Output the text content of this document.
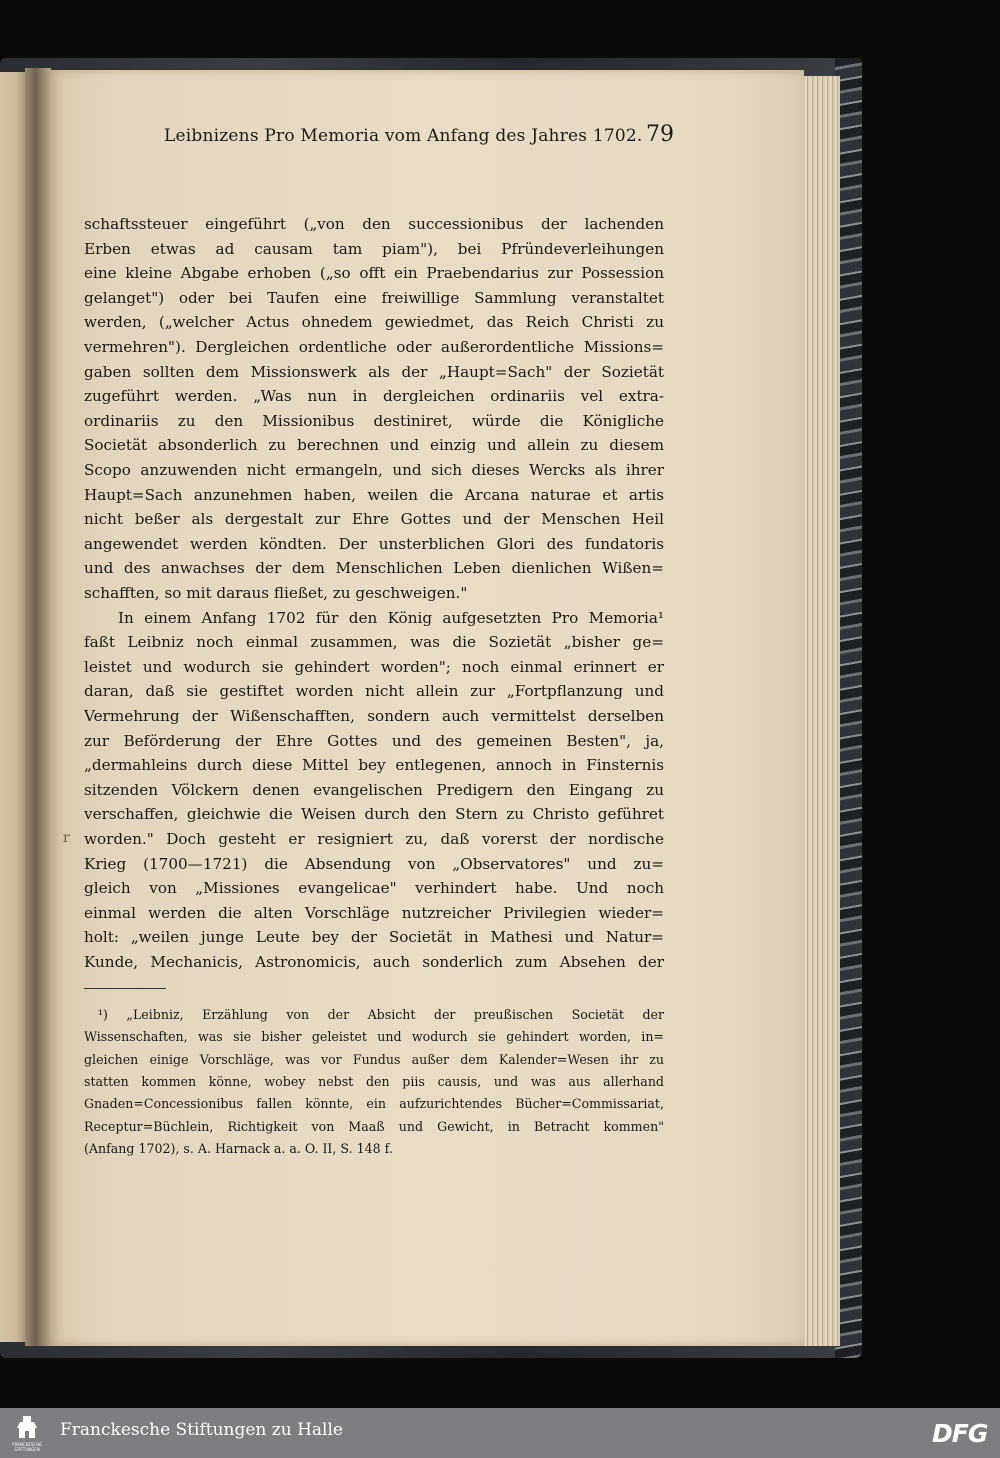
Leibnizens Pro Memoria vom Anfang des Jahres 1702. 79
schaftssteuer eingeführt („von den successionibus der lachenden
Erben etwas ad causam tam piam"), bei Pfründeverleihungen
eine kleine Abgabe erhoben („so offt ein Praebendarius zur Possession
gelanget") oder bei Taufen eine freiwillige Sammlung veranstaltet
werden, („welcher Actus ohnedem gewiedmet, das Reich Christi zu
vermehren"). Dergleichen ordentliche oder außerordentliche Missions=
gaben sollten dem Missionswerk als der „Haupt=Sach" der Sozietät
zugeführt werden. „Was nun in dergleichen ordinariis vel extra-
ordinariis zu den Missionibus destiniret, würde die Königliche
Societät absonderlich zu berechnen und einzig und allein zu diesem
Scopo anzuwenden nicht ermangeln, und sich dieses Wercks als ihrer
Haupt=Sach anzunehmen haben, weilen die Arcana naturae et artis
nicht beßer als dergestalt zur Ehre Gottes und der Menschen Heil
angewendet werden köndten. Der unsterblichen Glori des fundatoris
und des anwachses der dem Menschlichen Leben dienlichen Wißen=
schafften, so mit daraus fließet, zu geschweigen."
In einem Anfang 1702 für den König aufgesetzten Pro Memoria¹
faßt Leibniz noch einmal zusammen, was die Sozietät „bisher ge=
leistet und wodurch sie gehindert worden"; noch einmal erinnert er
daran, daß sie gestiftet worden nicht allein zur „Fortpflanzung und
Vermehrung der Wißenschafften, sondern auch vermittelst derselben
zur Beförderung der Ehre Gottes und des gemeinen Besten", ja,
„dermahleins durch diese Mittel bey entlegenen, annoch in Finsternis
sitzenden Völckern denen evangelischen Predigern den Eingang zu
verschaffen, gleichwie die Weisen durch den Stern zu Christo geführet
worden." Doch gesteht er resigniert zu, daß vorerst der nordische
Krieg (1700—1721) die Absendung von „Observatores" und zu=
gleich von „Missiones evangelicae" verhindert habe. Und noch
einmal werden die alten Vorschläge nutzreicher Privilegien wieder=
holt: „weilen junge Leute bey der Societät in Mathesi und Natur=
Kunde, Mechanicis, Astronomicis, auch sonderlich zum Absehen der
r
¹) „Leibniz, Erzählung von der Absicht der preußischen Societät der
Wissenschaften, was sie bisher geleistet und wodurch sie gehindert worden, in=
gleichen einige Vorschläge, was vor Fundus außer dem Kalender=Wesen ihr zu
statten kommen könne, wobey nebst den piis causis, und was aus allerhand
Gnaden=Concessionibus fallen könnte, ein aufzurichtendes Bücher=Commissariat,
Receptur=Büchlein, Richtigkeit von Maaß und Gewicht, in Betracht kommen"
(Anfang 1702), s. A. Harnack a. a. O. II, S. 148 f.
FRANCKESCHE STIFTUNGEN
Franckesche Stiftungen zu Halle	DFG
